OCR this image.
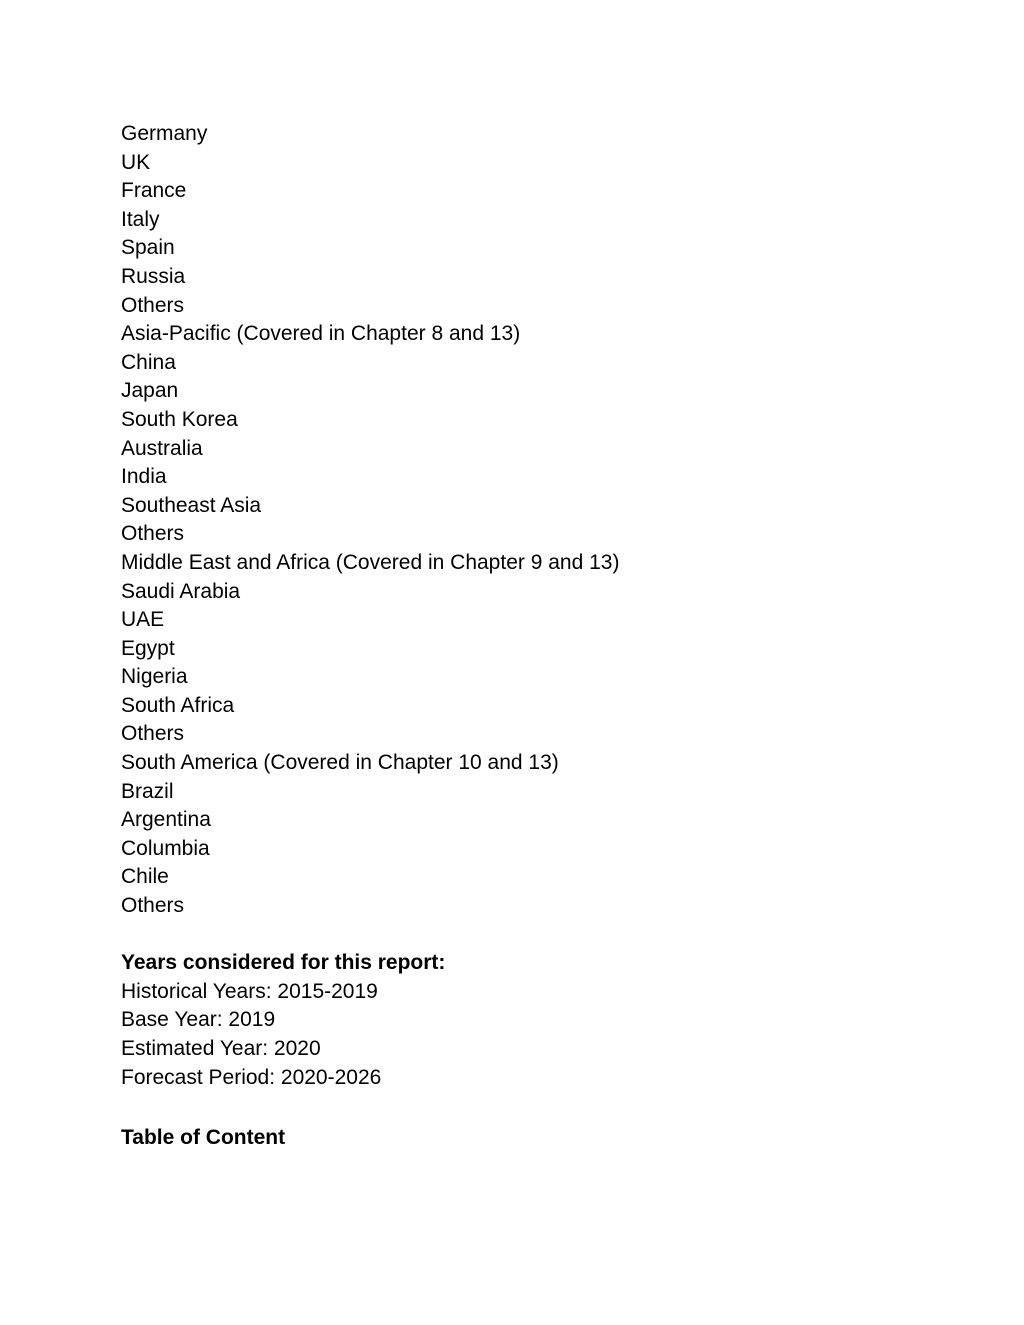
Germany
UK
France
Italy
Spain
Russia
Others
Asia-Pacific (Covered in Chapter 8 and 13)
China
Japan
South Korea
Australia
India
Southeast Asia
Others
Middle East and Africa (Covered in Chapter 9 and 13)
Saudi Arabia
UAE
Egypt
Nigeria
South Africa
Others
South America (Covered in Chapter 10 and 13)
Brazil
Argentina
Columbia
Chile
Others
Years considered for this report:
Historical Years: 2015-2019
Base Year: 2019
Estimated Year: 2020
Forecast Period: 2020-2026
Table of Content
